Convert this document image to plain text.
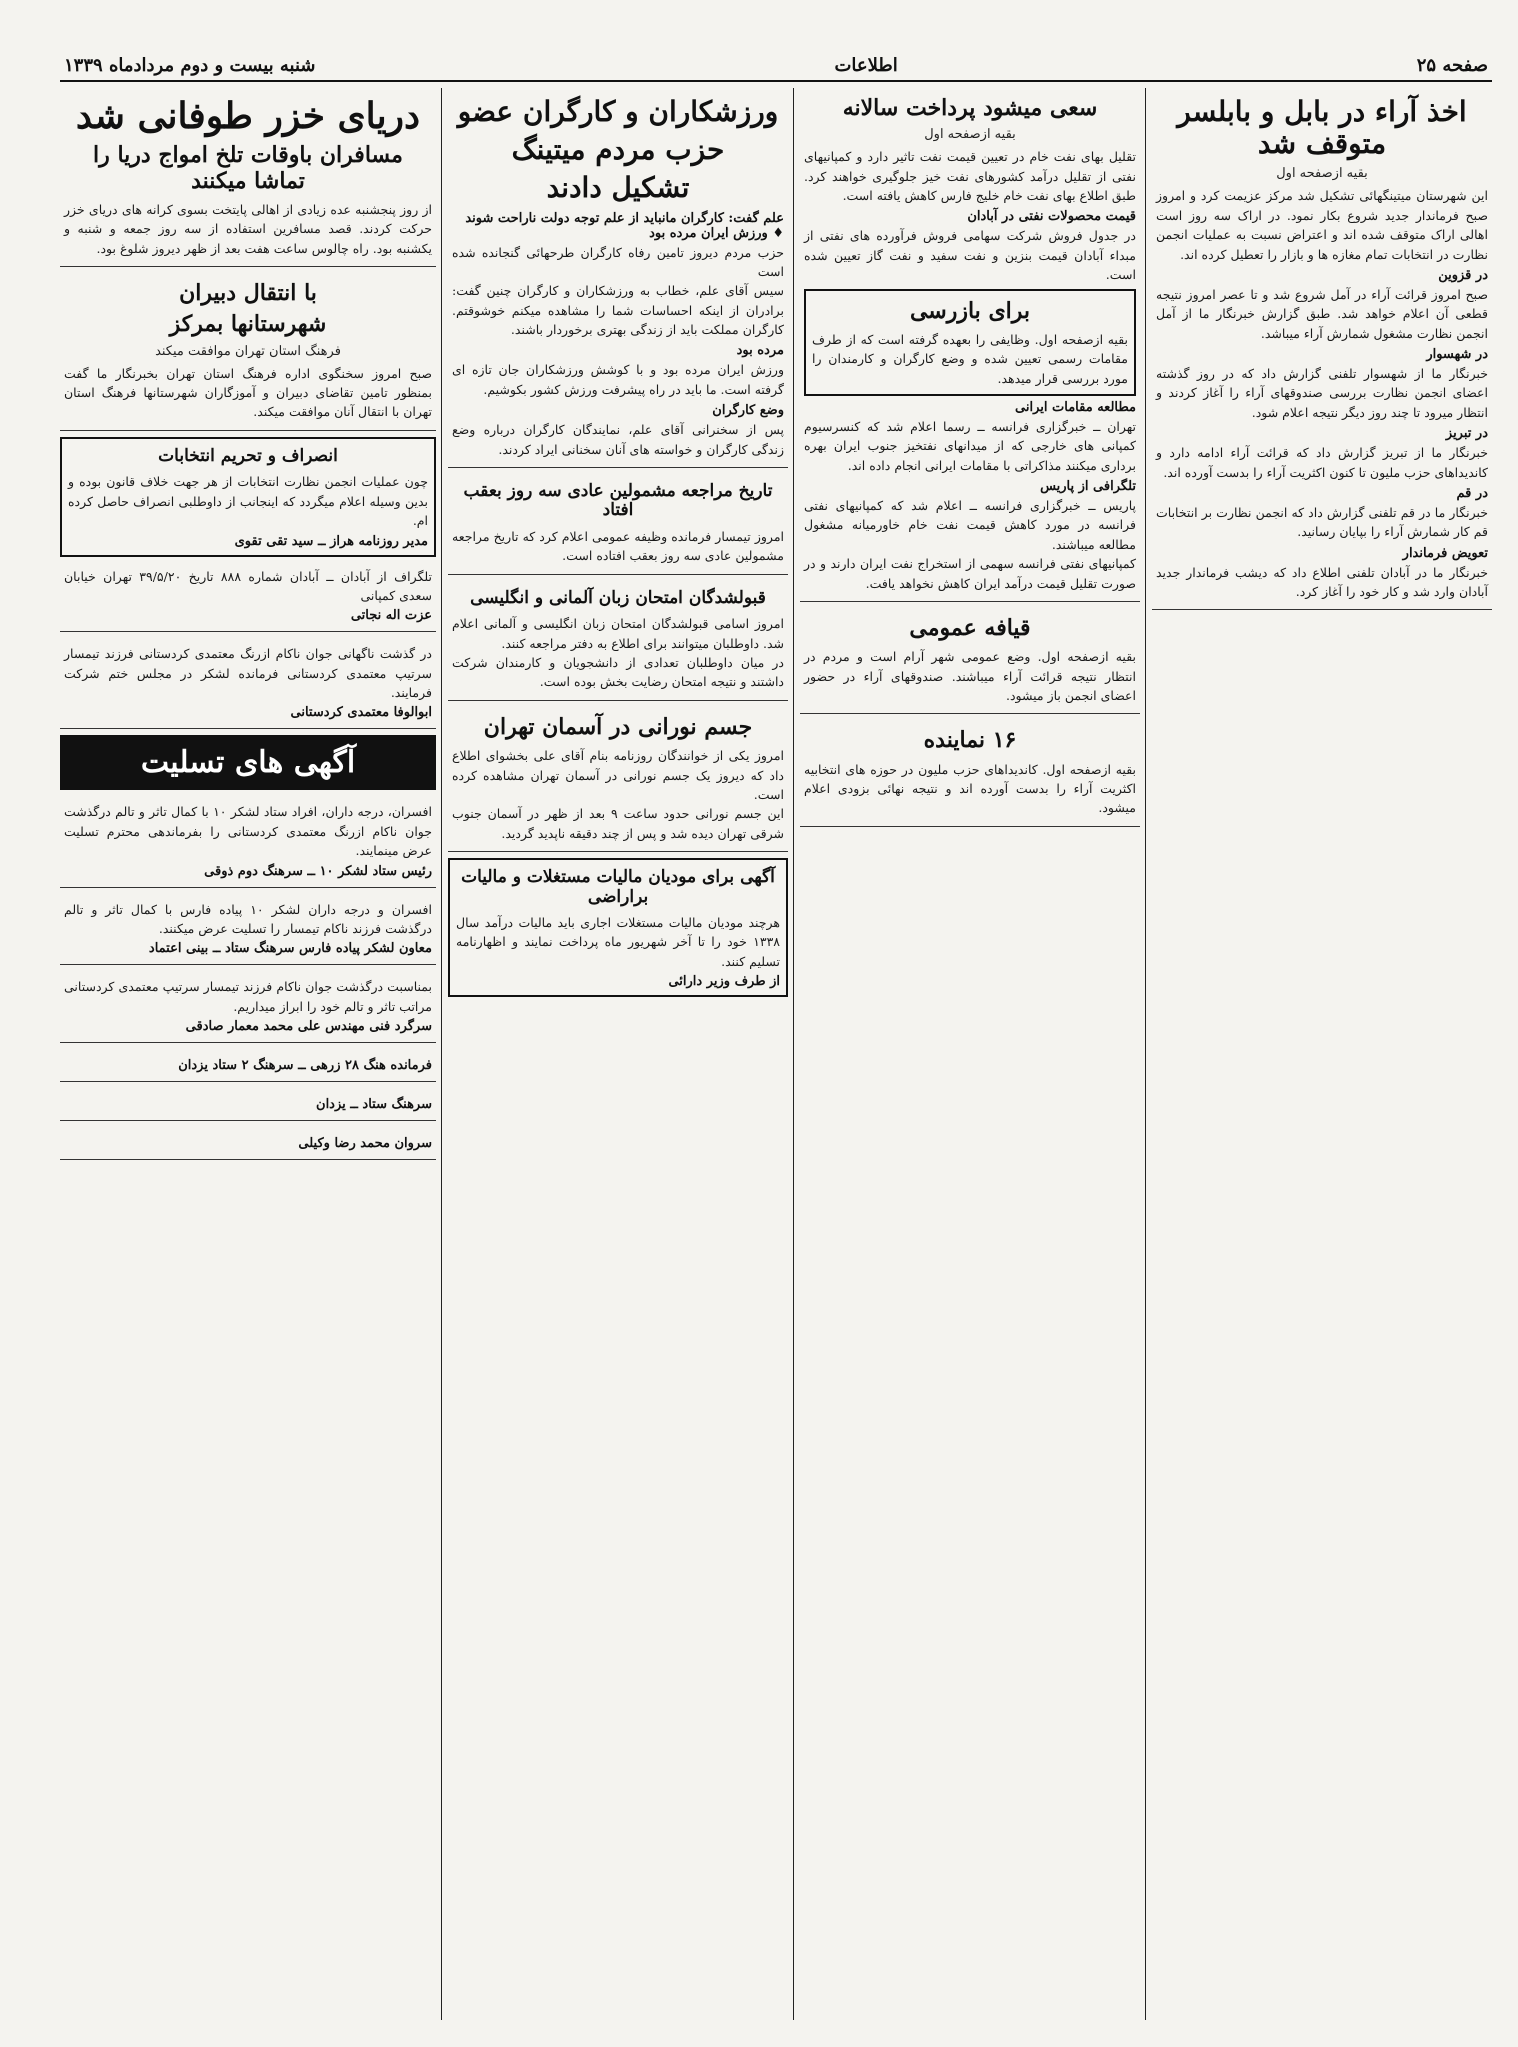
صفحه ۲۵
اطلاعات
شنبه بیست و دوم مردادماه ۱۳۳۹
اخذ آراء در بابل و بابلسر متوقف شد
بقیه ازصفحه اول
این شهرستان میتینگهائی تشکیل شد مرکز عزیمت کرد و امروز صبح فرماندار جدید شروع بکار نمود. در اراک سه روز است اهالی اراک متوقف شده اند و اعتراض نسبت به عملیات انجمن نظارت در انتخابات تمام مغازه ها و بازار را تعطیل کرده اند.
در قزوین
صبح امروز قرائت آراء در آمل شروع شد و تا عصر امروز نتیجه قطعی آن اعلام خواهد شد. طبق گزارش خبرنگار ما از آمل انجمن نظارت مشغول شمارش آراء میباشد.
در شهسوار
خبرنگار ما از شهسوار تلفنی گزارش داد که در روز گذشته اعضای انجمن نظارت بررسی صندوقهای آراء را آغاز کردند و انتظار میرود تا چند روز دیگر نتیجه اعلام شود.
در تبریز
خبرنگار ما از تبریز گزارش داد که قرائت آراء ادامه دارد و کاندیداهای حزب ملیون تا کنون اکثریت آراء را بدست آورده اند.
در قم
خبرنگار ما در قم تلفنی گزارش داد که انجمن نظارت بر انتخابات قم کار شمارش آراء را بپایان رسانید.
تعویض فرماندار
خبرنگار ما در آبادان تلفنی اطلاع داد که دیشب فرماندار جدید آبادان وارد شد و کار خود را آغاز کرد.
سعی میشود پرداخت سالانه
بقیه ازصفحه اول
تقلیل بهای نفت خام در تعیین قیمت نفت تاثیر دارد و کمپانیهای نفتی از تقلیل درآمد کشورهای نفت خیز جلوگیری خواهند کرد. طبق اطلاع بهای نفت خام خلیج فارس کاهش یافته است.
قیمت محصولات نفتی در آبادان
در جدول فروش شرکت سهامی فروش فرآورده های نفتی از مبداء آبادان قیمت بنزین و نفت سفید و نفت گاز تعیین شده است.
برای بازرسی
بقیه ازصفحه اول. وظایفی را بعهده گرفته است که از طرف مقامات رسمی تعیین شده و وضع کارگران و کارمندان را مورد بررسی قرار میدهد.
مطالعه مقامات ایرانی
تهران ــ خبرگزاری فرانسه ــ رسما اعلام شد که کنسرسیوم کمپانی های خارجی که از میدانهای نفتخیز جنوب ایران بهره برداری میکنند مذاکراتی با مقامات ایرانی انجام داده اند.
تلگرافی از پاریس
پاریس ــ خبرگزاری فرانسه ــ اعلام شد که کمپانیهای نفتی فرانسه در مورد کاهش قیمت نفت خام خاورمیانه مشغول مطالعه میباشند.
کمپانیهای نفتی فرانسه سهمی از استخراج نفت ایران دارند و در صورت تقلیل قیمت درآمد ایران کاهش نخواهد یافت.
قیافه عمومی
بقیه ازصفحه اول. وضع عمومی شهر آرام است و مردم در انتظار نتیجه قرائت آراء میباشند. صندوقهای آراء در حضور اعضای انجمن باز میشود.
۱۶ نماینده
بقیه ازصفحه اول. کاندیداهای حزب ملیون در حوزه های انتخابیه اکثریت آراء را بدست آورده اند و نتیجه نهائی بزودی اعلام میشود.
ورزشکاران و کارگران عضو
حزب مردم میتینگ
تشکیل دادند
علم گفت: کارگران مانباید از علم توجه دولت ناراحت شوند ♦ ورزش ایران مرده بود
حزب مردم دیروز تامین رفاه کارگران طرحهائی گنجانده شده است
سیس آقای علم، خطاب به ورزشکاران و کارگران چنین گفت: برادران از اینکه احساسات شما را مشاهده میکنم خوشوقتم. کارگران مملکت باید از زندگی بهتری برخوردار باشند.
مرده بود
ورزش ایران مرده بود و با کوشش ورزشکاران جان تازه ای گرفته است. ما باید در راه پیشرفت ورزش کشور بکوشیم.
وضع کارگران
پس از سخنرانی آقای علم، نمایندگان کارگران درباره وضع زندگی کارگران و خواسته های آنان سخنانی ایراد کردند.
تاریخ مراجعه مشمولین عادی سه روز بعقب افتاد
امروز تیمسار فرمانده وظیفه عمومی اعلام کرد که تاریخ مراجعه مشمولین عادی سه روز بعقب افتاده است.
قبولشدگان امتحان زبان آلمانی و انگلیسی
امروز اسامی قبولشدگان امتحان زبان انگلیسی و آلمانی اعلام شد. داوطلبان میتوانند برای اطلاع به دفتر مراجعه کنند.
در میان داوطلبان تعدادی از دانشجویان و کارمندان شرکت داشتند و نتیجه امتحان رضایت بخش بوده است.
جسم نورانی در آسمان تهران
امروز یکی از خوانندگان روزنامه بنام آقای علی بخشوای اطلاع داد که دیروز یک جسم نورانی در آسمان تهران مشاهده کرده است.
این جسم نورانی حدود ساعت ۹ بعد از ظهر در آسمان جنوب شرقی تهران دیده شد و پس از چند دقیقه ناپدید گردید.
آگهی برای مودیان مالیات مستغلات و مالیات براراضی
هرچند مودیان مالیات مستغلات اجاری باید مالیات درآمد سال ۱۳۳۸ خود را تا آخر شهریور ماه پرداخت نمایند و اظهارنامه تسلیم کنند.
از طرف وزیر دارائی
دریای خزر طوفانی شد
مسافران باوقات تلخ امواج دریا را تماشا میکنند
از روز پنجشنبه عده زیادی از اهالی پایتخت بسوی کرانه های دریای خزر حرکت کردند. قصد مسافرین استفاده از سه روز جمعه و شنبه و یکشنبه بود. راه چالوس ساعت هفت بعد از ظهر دیروز شلوغ بود.
با انتقال دبیران
شهرستانها بمرکز
فرهنگ استان تهران موافقت میکند
صبح امروز سخنگوی اداره فرهنگ استان تهران بخبرنگار ما گفت بمنظور تامین تقاضای دبیران و آموزگاران شهرستانها فرهنگ استان تهران با انتقال آنان موافقت میکند.
انصراف و تحریم انتخابات
چون عملیات انجمن نظارت انتخابات از هر جهت خلاف قانون بوده و بدین وسیله اعلام میگردد که اینجانب از داوطلبی انصراف حاصل کرده ام.
مدیر روزنامه هراز ــ سید تقی تقوی
تلگراف از آبادان ــ آبادان شماره ۸۸۸ تاریخ ۳۹/۵/۲۰ تهران خیابان سعدی کمپانی
عزت اله نجاتی
در گذشت ناگهانی جوان ناکام ازرنگ معتمدی کردستانی فرزند تیمسار سرتیپ معتمدی کردستانی فرمانده لشکر در مجلس ختم شرکت فرمایند.
ابوالوفا معتمدی کردستانی
آگهی های تسلیت
افسران، درجه داران، افراد ستاد لشکر ۱۰ با کمال تاثر و تالم درگذشت جوان ناکام ازرنگ معتمدی کردستانی را بفرماندهی محترم تسلیت عرض مینمایند.
رئیس ستاد لشکر ۱۰ ــ سرهنگ دوم ذوقی
افسران و درجه داران لشکر ۱۰ پیاده فارس با کمال تاثر و تالم درگذشت فرزند ناکام تیمسار را تسلیت عرض میکنند.
معاون لشکر پیاده فارس سرهنگ ستاد ــ بینی اعتماد
بمناسبت درگذشت جوان ناکام فرزند تیمسار سرتیپ معتمدی کردستانی مراتب تاثر و تالم خود را ابراز میداریم.
سرگرد فنی مهندس علی محمد معمار صادقی
فرمانده هنگ ۲۸ زرهی ــ سرهنگ ۲ ستاد یزدان
سرهنگ ستاد ــ یزدان
سروان محمد رضا وکیلی
